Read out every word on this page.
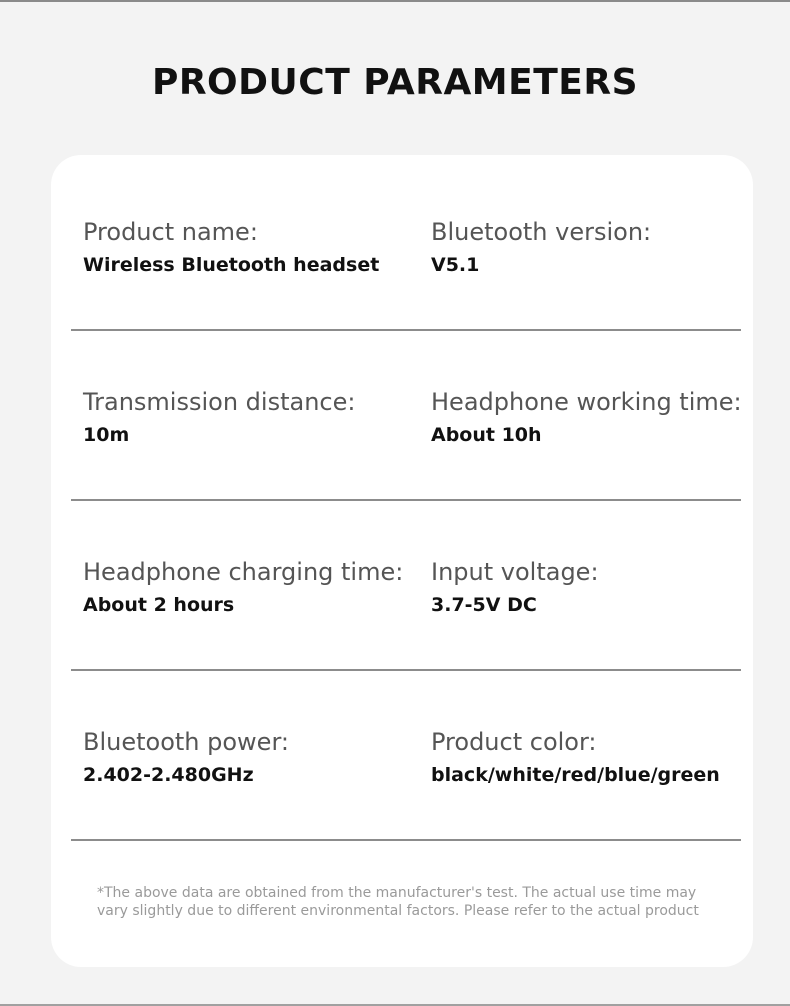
PRODUCT PARAMETERS
Product name:
Wireless Bluetooth headset
Bluetooth version:
V5.1
Transmission distance:
10m
Headphone working time:
About 10h
Headphone charging time:
About 2 hours
Input voltage:
3.7-5V DC
Bluetooth power:
2.402-2.480GHz
Product color:
black/white/red/blue/green
*The above data are obtained from the manufacturer's test. The actual use time may
vary slightly due to different environmental factors. Please refer to the actual product
